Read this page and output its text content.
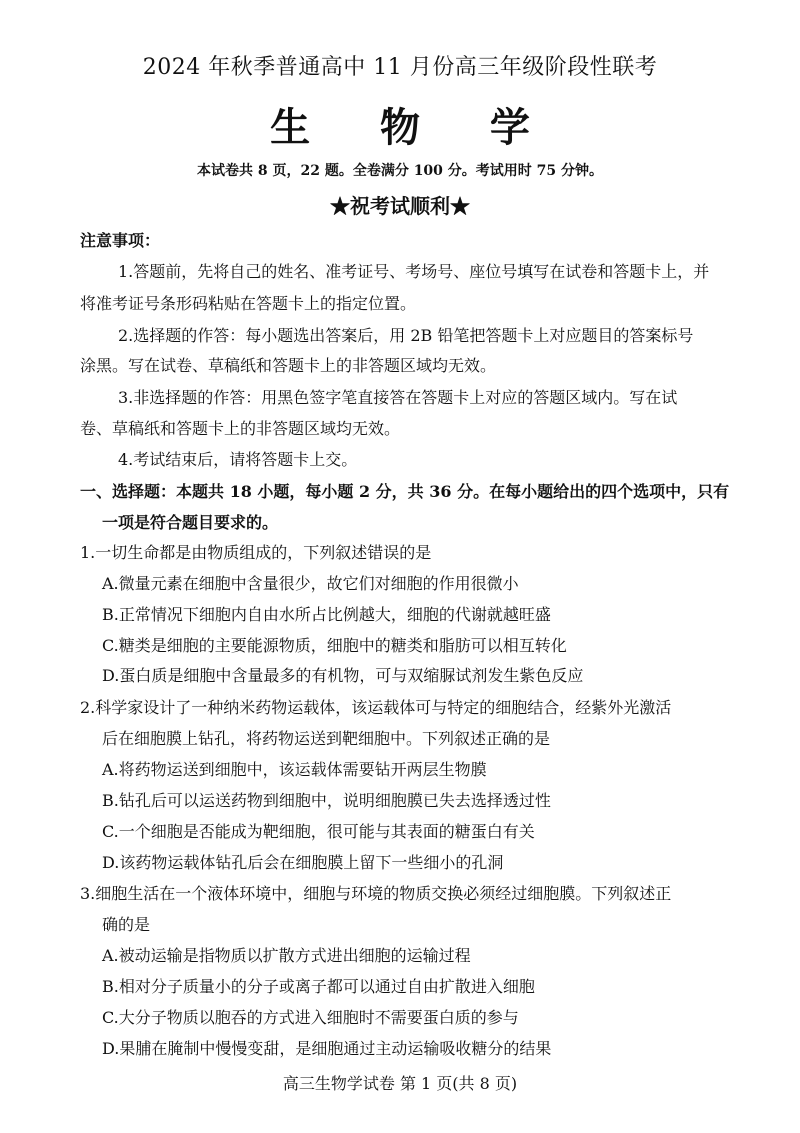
2024 年秋季普通高中 11 月份高三年级阶段性联考
生 物 学
本试卷共 8 页，22 题。全卷满分 100 分。考试用时 75 分钟。
★祝考试顺利★
注意事项：
1.答题前，先将自己的姓名、准考证号、考场号、座位号填写在试卷和答题卡上，并
将准考证号条形码粘贴在答题卡上的指定位置。
2.选择题的作答：每小题选出答案后，用 2B 铅笔把答题卡上对应题目的答案标号
涂黑。写在试卷、草稿纸和答题卡上的非答题区域均无效。
3.非选择题的作答：用黑色签字笔直接答在答题卡上对应的答题区域内。写在试
卷、草稿纸和答题卡上的非答题区域均无效。
4.考试结束后，请将答题卡上交。
一、选择题：本题共 18 小题，每小题 2 分，共 36 分。在每小题给出的四个选项中，只有
一项是符合题目要求的。
1.一切生命都是由物质组成的，下列叙述错误的是
A.微量元素在细胞中含量很少，故它们对细胞的作用很微小
B.正常情况下细胞内自由水所占比例越大，细胞的代谢就越旺盛
C.糖类是细胞的主要能源物质，细胞中的糖类和脂肪可以相互转化
D.蛋白质是细胞中含量最多的有机物，可与双缩脲试剂发生紫色反应
2.科学家设计了一种纳米药物运载体，该运载体可与特定的细胞结合，经紫外光激活
后在细胞膜上钻孔，将药物运送到靶细胞中。下列叙述正确的是
A.将药物运送到细胞中，该运载体需要钻开两层生物膜
B.钻孔后可以运送药物到细胞中，说明细胞膜已失去选择透过性
C.一个细胞是否能成为靶细胞，很可能与其表面的糖蛋白有关
D.该药物运载体钻孔后会在细胞膜上留下一些细小的孔洞
3.细胞生活在一个液体环境中，细胞与环境的物质交换必须经过细胞膜。下列叙述正
确的是
A.被动运输是指物质以扩散方式进出细胞的运输过程
B.相对分子质量小的分子或离子都可以通过自由扩散进入细胞
C.大分子物质以胞吞的方式进入细胞时不需要蛋白质的参与
D.果脯在腌制中慢慢变甜，是细胞通过主动运输吸收糖分的结果
高三生物学试卷 第 1 页(共 8 页)
